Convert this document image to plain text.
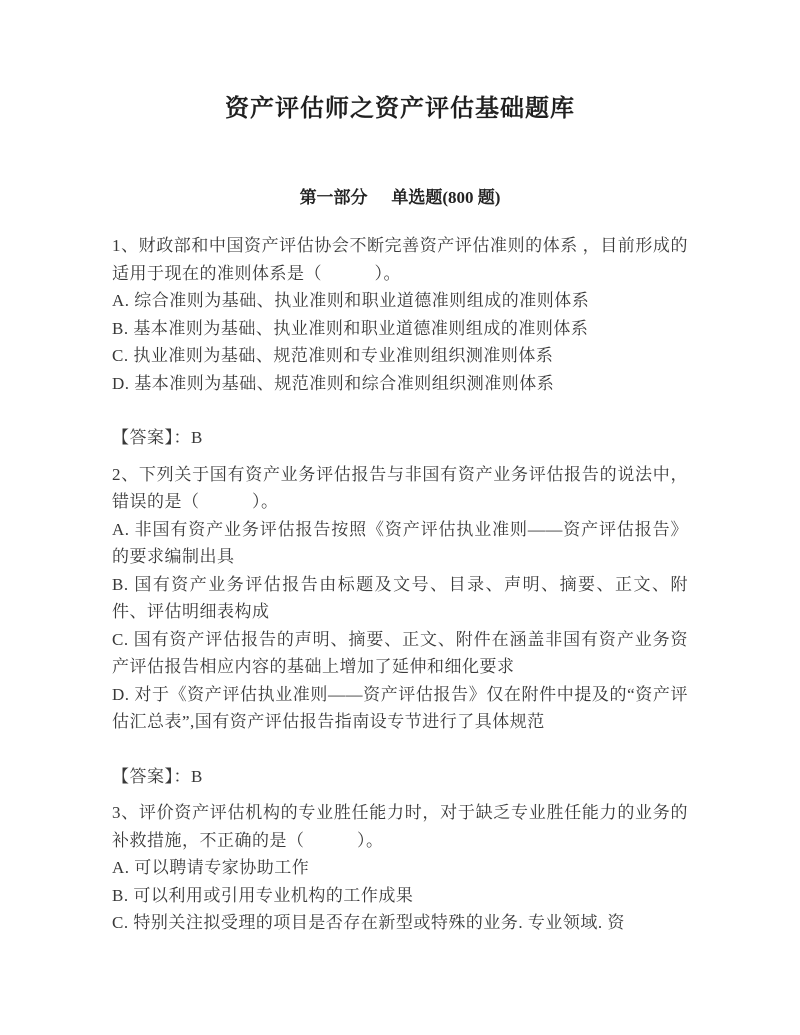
资产评估师之资产评估基础题库
第一部分 单选题(800 题)

1、财政部和中国资产评估协会不断完善资产评估准则的体系 ，目前形成的适用于现在的准则体系是（　　　）。

A. 综合准则为基础、执业准则和职业道德准则组成的准则体系

B. 基本准则为基础、执业准则和职业道德准则组成的准则体系

C. 执业准则为基础、规范准则和专业准则组织测准则体系

D. 基本准则为基础、规范准则和综合准则组织测准则体系

【答案】：B

2、下列关于国有资产业务评估报告与非国有资产业务评估报告的说法中，错误的是（　　　）。

A. 非国有资产业务评估报告按照《资产评估执业准则——资产评估报告》的要求编制出具

B. 国有资产业务评估报告由标题及文号、目录、声明、摘要、正文、附件、评估明细表构成

C. 国有资产评估报告的声明、摘要、正文、附件在涵盖非国有资产业务资产评估报告相应内容的基础上增加了延伸和细化要求

D. 对于《资产评估执业准则——资产评估报告》仅在附件中提及的“资产评估汇总表”,国有资产评估报告指南设专节进行了具体规范

【答案】：B

3、评价资产评估机构的专业胜任能力时，对于缺乏专业胜任能力的业务的补救措施，不正确的是（　　　）。

A. 可以聘请专家协助工作

B. 可以利用或引用专业机构的工作成果

C. 特别关注拟受理的项目是否存在新型或特殊的业务. 专业领域. 资
